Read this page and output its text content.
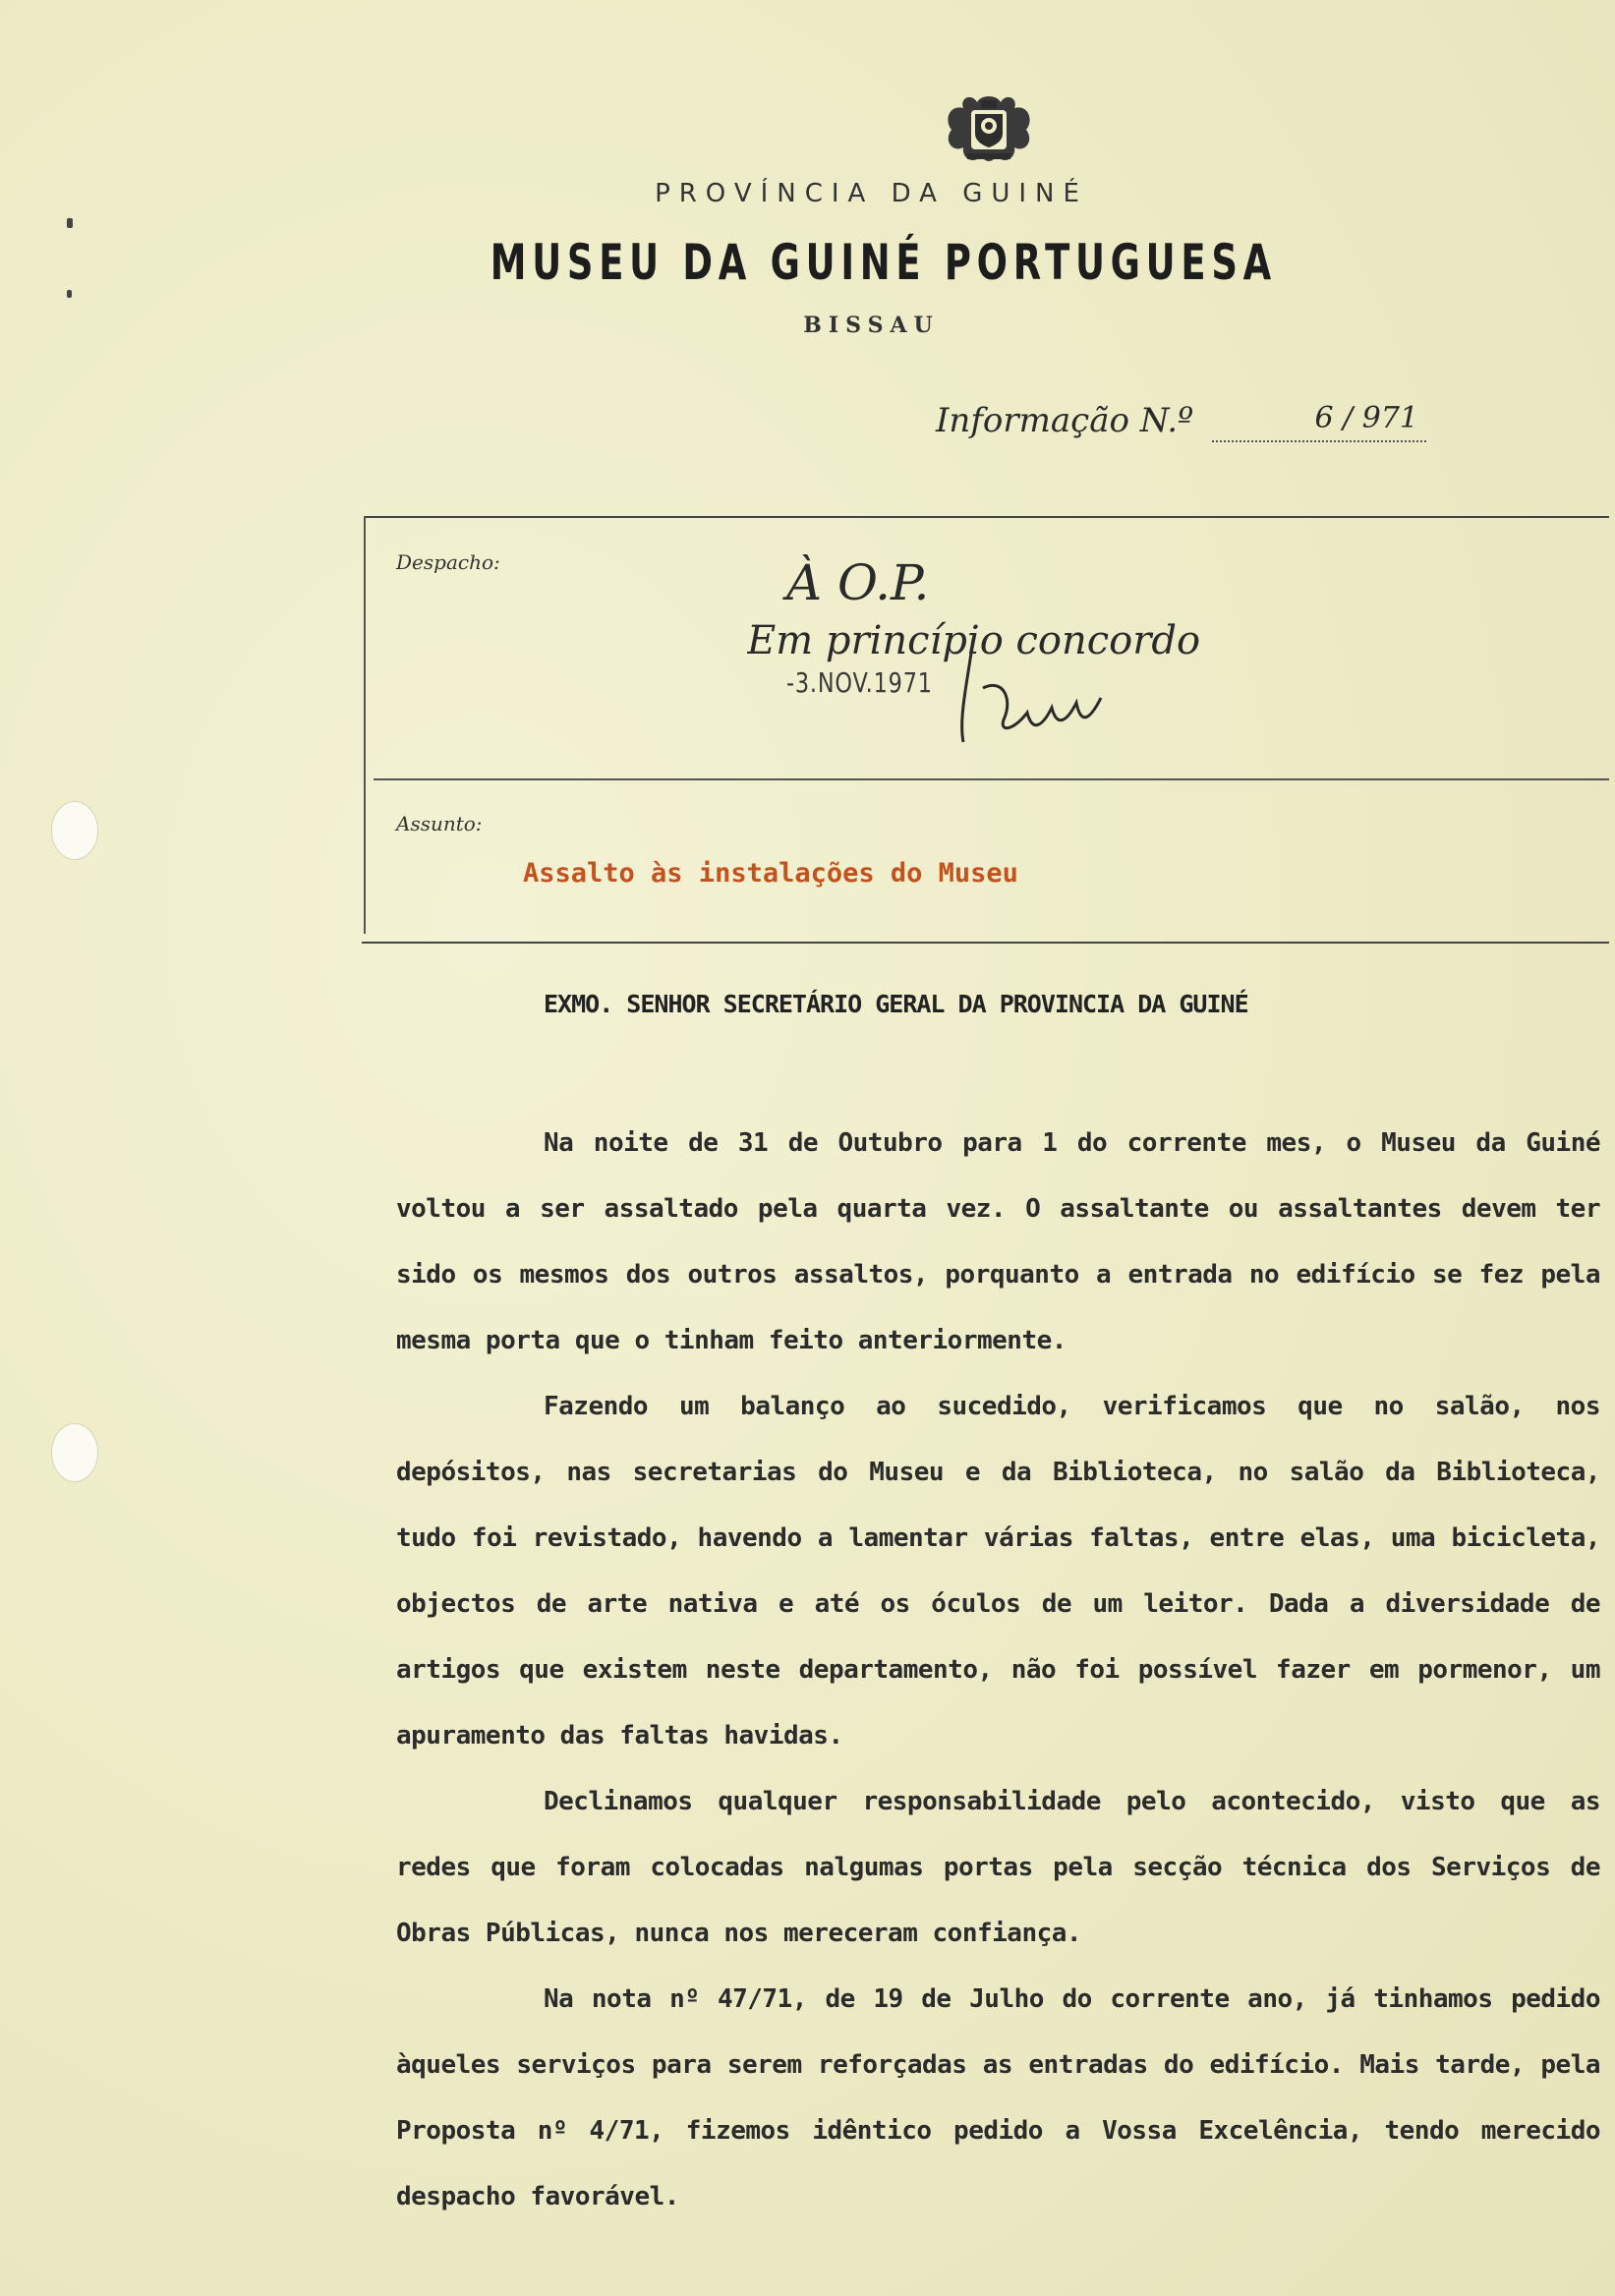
PROVÍNCIA DA GUINÉ
MUSEU DA GUINÉ PORTUGUESA
BISSAU
Informação N.º	6 / 971
Despacho:	À O.P.
Em princípio concordo
-3.NOV.1971
Assunto:
Assalto às instalações do Museu
EXMO. SENHOR SECRETÁRIO GERAL DA PROVINCIA DA GUINÉ

Na noite de 31 de Outubro para 1 do corrente mes, o Museu da Guiné voltou a ser assaltado pela quarta vez. O assaltante ou assaltantes devem ter sido os mesmos dos outros assaltos, porquanto a entrada no edifício se fez pela mesma porta que o tinham feito anteriormente.

Fazendo um balanço ao sucedido, verificamos que no salão, nos depósitos, nas secretarias do Museu e da Biblioteca, no salão da Biblioteca, tudo foi revistado, havendo a lamentar várias faltas, entre elas, uma bicicleta, objectos de arte nativa e até os óculos de um leitor. Dada a diversidade de artigos que existem neste departamento, não foi possível fazer em pormenor, um apuramento das faltas havidas.

Declinamos qualquer responsabilidade pelo acontecido, visto que as redes que foram colocadas nalgumas portas pela secção técnica dos Serviços de Obras Públicas, nunca nos mereceram confiança.

Na nota nº 47/71, de 19 de Julho do corrente ano, já tinhamos pedido àqueles serviços para serem reforçadas as entradas do edifício. Mais tarde, pela Proposta nº 4/71, fizemos idêntico pedido a Vossa Excelência, tendo merecido despacho favorável.
